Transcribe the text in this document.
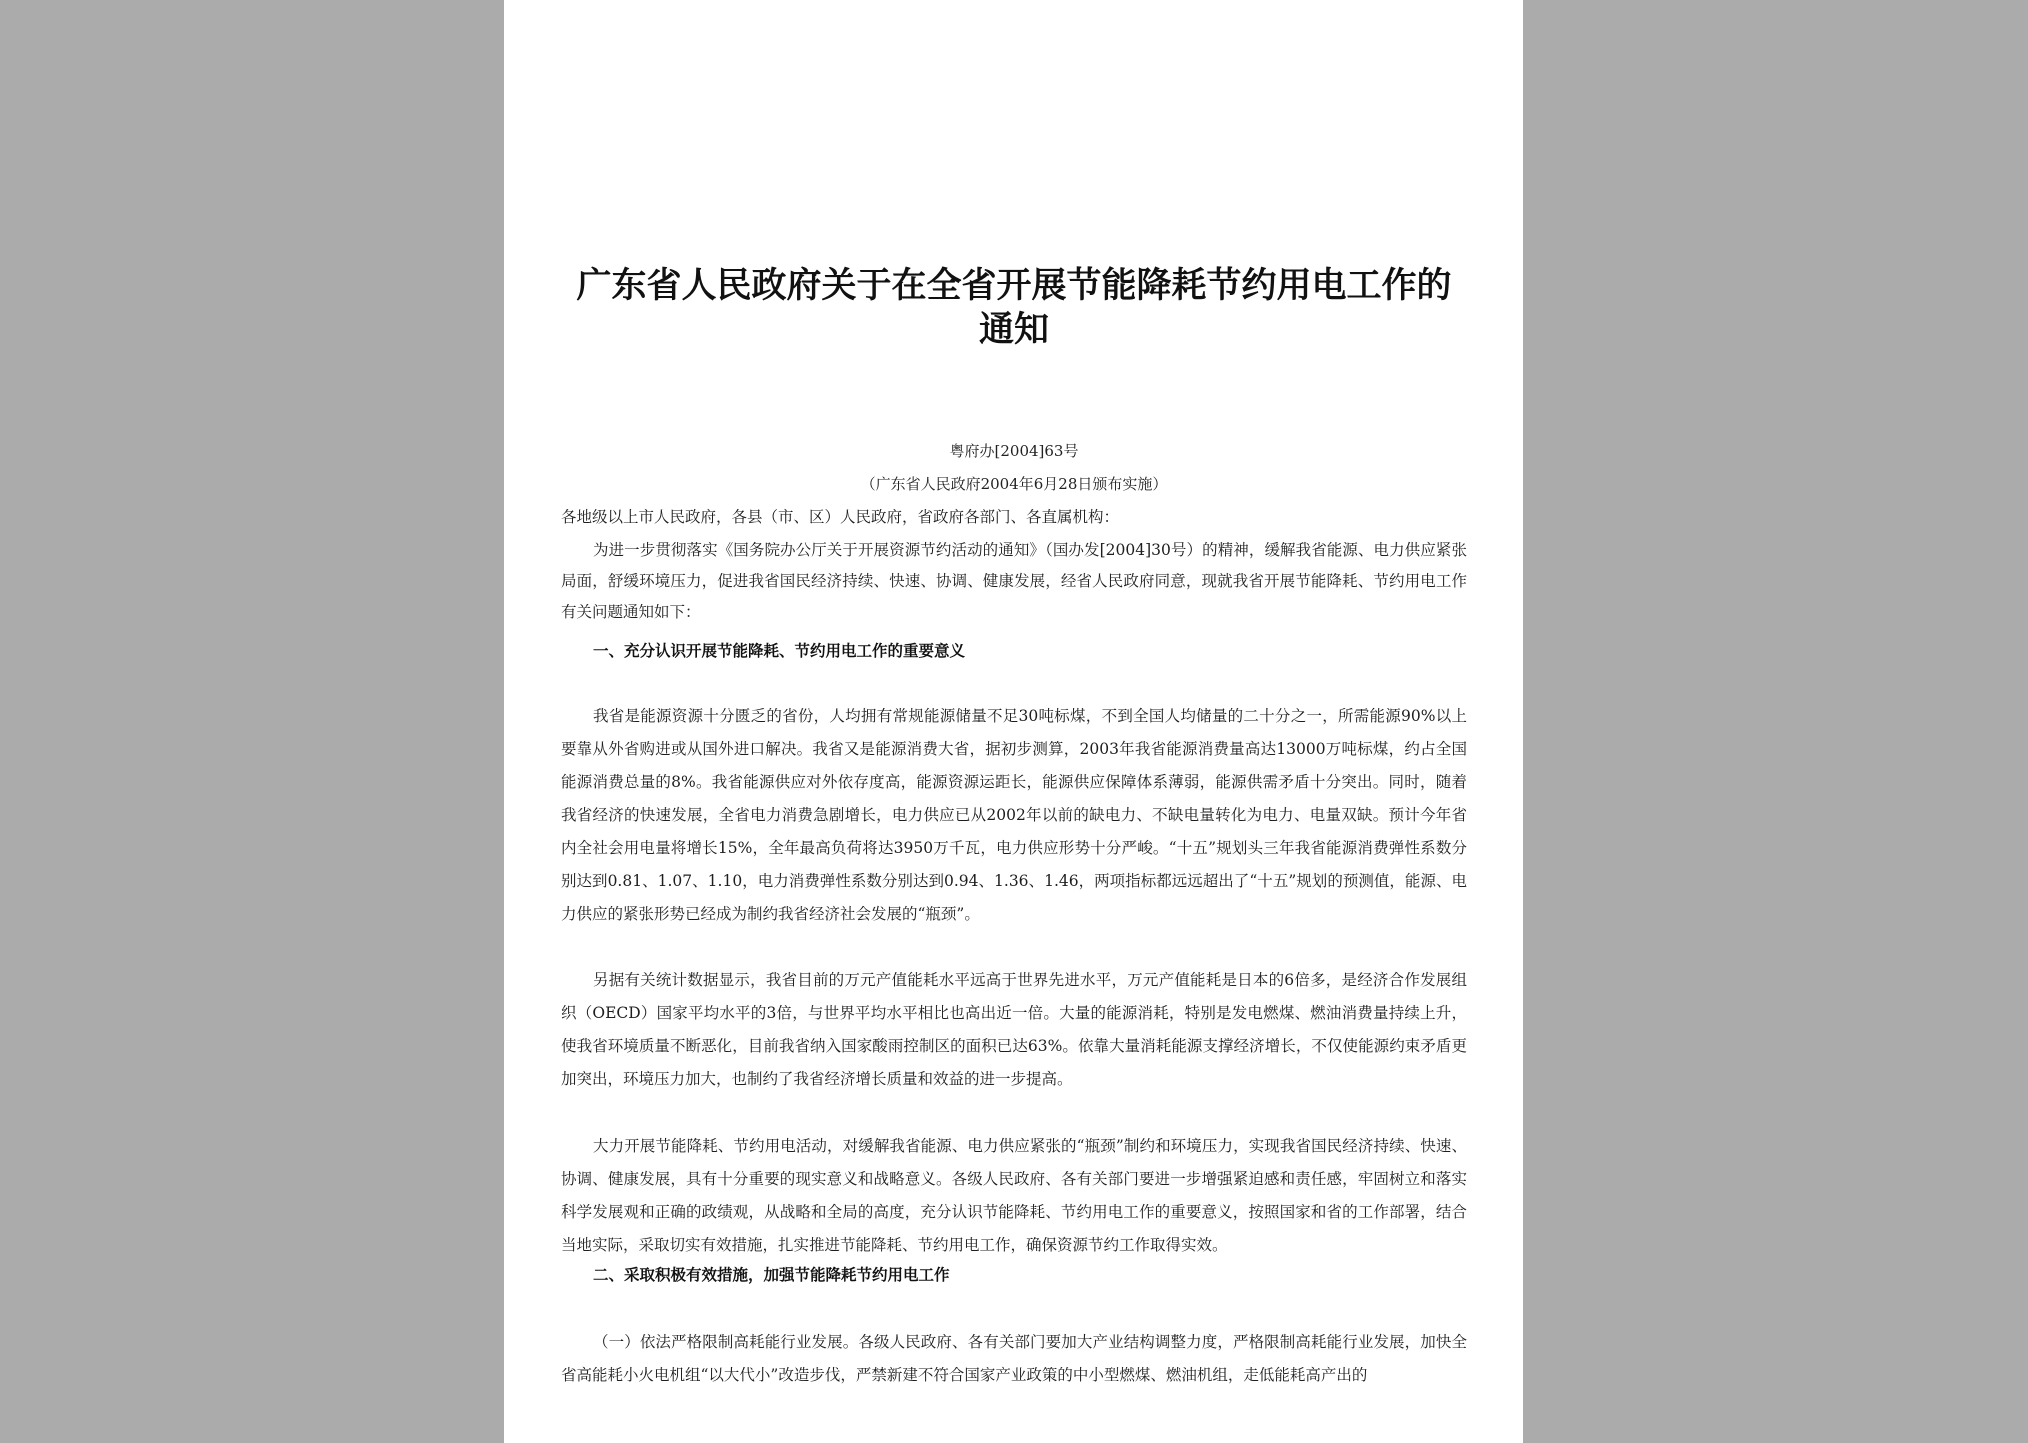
广东省人民政府关于在全省开展节能降耗节约用电工作的通知
粤府办[2004]63号
（广东省人民政府2004年6月28日颁布实施）

各地级以上市人民政府，各县（市、区）人民政府，省政府各部门、各直属机构：

为进一步贯彻落实《国务院办公厅关于开展资源节约活动的通知》（国办发[2004]30号）的精神，缓解我省能源、电力供应紧张局面，舒缓环境压力，促进我省国民经济持续、快速、协调、健康发展，经省人民政府同意，现就我省开展节能降耗、节约用电工作有关问题通知如下：

一、充分认识开展节能降耗、节约用电工作的重要意义

我省是能源资源十分匮乏的省份，人均拥有常规能源储量不足30吨标煤，不到全国人均储量的二十分之一，所需能源90%以上要靠从外省购进或从国外进口解决。我省又是能源消费大省，据初步测算，2003年我省能源消费量高达13000万吨标煤，约占全国能源消费总量的8%。我省能源供应对外依存度高，能源资源运距长，能源供应保障体系薄弱，能源供需矛盾十分突出。同时，随着我省经济的快速发展，全省电力消费急剧增长，电力供应已从2002年以前的缺电力、不缺电量转化为电力、电量双缺。预计今年省内全社会用电量将增长15%，全年最高负荷将达3950万千瓦，电力供应形势十分严峻。“十五”规划头三年我省能源消费弹性系数分别达到0.81、1.07、1.10，电力消费弹性系数分别达到0.94、1.36、1.46，两项指标都远远超出了“十五”规划的预测值，能源、电力供应的紧张形势已经成为制约我省经济社会发展的“瓶颈”。

另据有关统计数据显示，我省目前的万元产值能耗水平远高于世界先进水平，万元产值能耗是日本的6倍多，是经济合作发展组织（OECD）国家平均水平的3倍，与世界平均水平相比也高出近一倍。大量的能源消耗，特别是发电燃煤、燃油消费量持续上升，使我省环境质量不断恶化，目前我省纳入国家酸雨控制区的面积已达63%。依靠大量消耗能源支撑经济增长，不仅使能源约束矛盾更加突出，环境压力加大，也制约了我省经济增长质量和效益的进一步提高。

大力开展节能降耗、节约用电活动，对缓解我省能源、电力供应紧张的“瓶颈”制约和环境压力，实现我省国民经济持续、快速、协调、健康发展，具有十分重要的现实意义和战略意义。各级人民政府、各有关部门要进一步增强紧迫感和责任感，牢固树立和落实科学发展观和正确的政绩观，从战略和全局的高度，充分认识节能降耗、节约用电工作的重要意义，按照国家和省的工作部署，结合当地实际，采取切实有效措施，扎实推进节能降耗、节约用电工作，确保资源节约工作取得实效。

二、采取积极有效措施，加强节能降耗节约用电工作

（一）依法严格限制高耗能行业发展。各级人民政府、各有关部门要加大产业结构调整力度，严格限制高耗能行业发展，加快全省高能耗小火电机组“以大代小”改造步伐，严禁新建不符合国家产业政策的中小型燃煤、燃油机组，走低能耗高产出的
